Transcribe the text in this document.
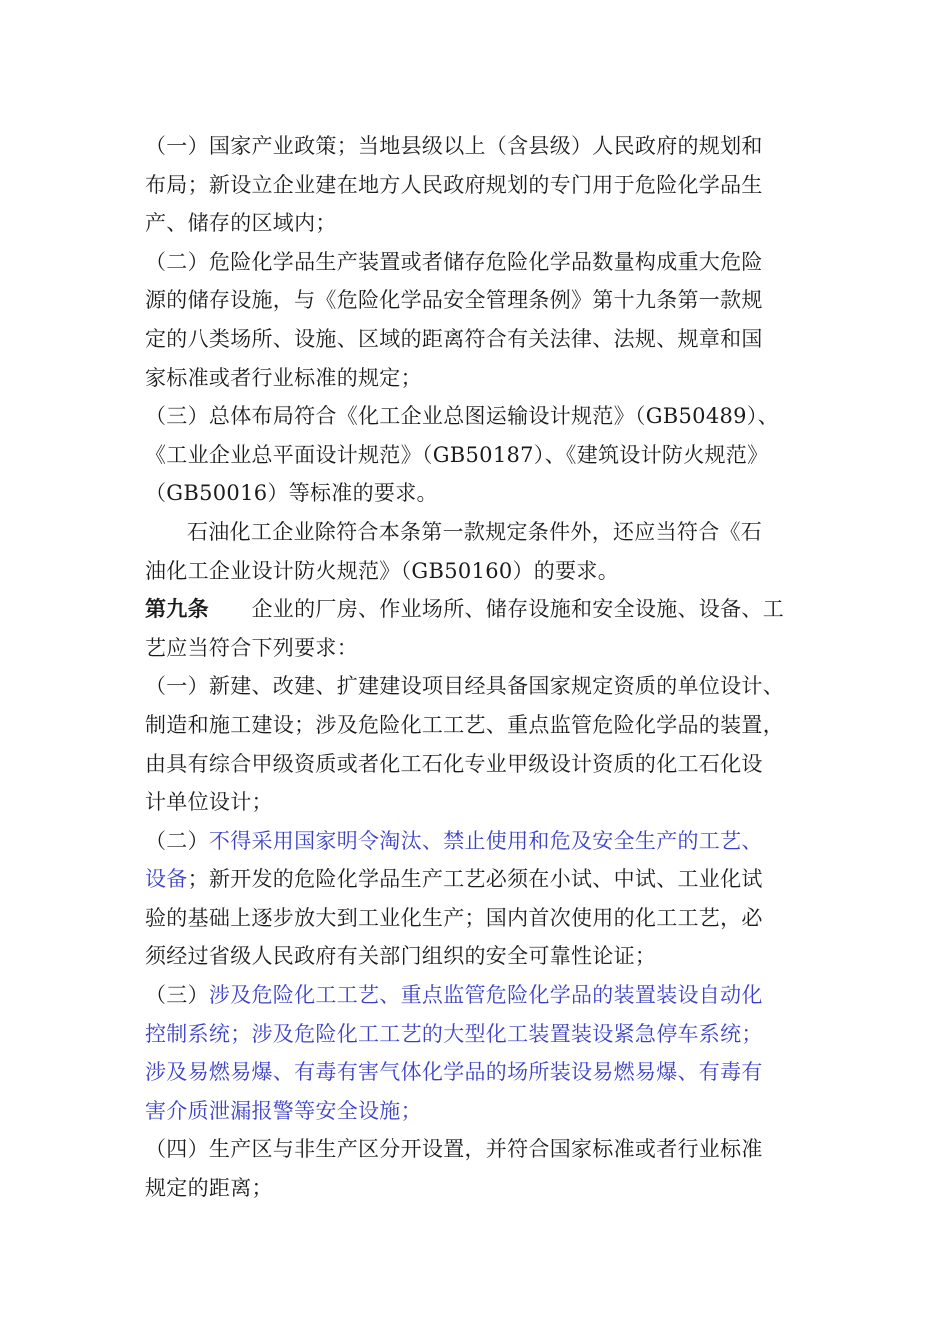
（一）国家产业政策；当地县级以上（含县级）人民政府的规划和
布局；新设立企业建在地方人民政府规划的专门用于危险化学品生
产、储存的区域内；
（二）危险化学品生产装置或者储存危险化学品数量构成重大危险
源的储存设施，与《危险化学品安全管理条例》第十九条第一款规
定的八类场所、设施、区域的距离符合有关法律、法规、规章和国
家标准或者行业标准的规定；
（三）总体布局符合《化工企业总图运输设计规范》（GB50489）、
《工业企业总平面设计规范》（GB50187）、《建筑设计防火规范》
（GB50016）等标准的要求。
石油化工企业除符合本条第一款规定条件外，还应当符合《石
油化工企业设计防火规范》（GB50160）的要求。
第九条　　企业的厂房、作业场所、储存设施和安全设施、设备、工
艺应当符合下列要求：
（一）新建、改建、扩建建设项目经具备国家规定资质的单位设计、
制造和施工建设；涉及危险化工工艺、重点监管危险化学品的装置，
由具有综合甲级资质或者化工石化专业甲级设计资质的化工石化设
计单位设计；
（二）不得采用国家明令淘汰、禁止使用和危及安全生产的工艺、
设备；新开发的危险化学品生产工艺必须在小试、中试、工业化试
验的基础上逐步放大到工业化生产；国内首次使用的化工工艺，必
须经过省级人民政府有关部门组织的安全可靠性论证；
（三）涉及危险化工工艺、重点监管危险化学品的装置装设自动化
控制系统；涉及危险化工工艺的大型化工装置装设紧急停车系统；
涉及易燃易爆、有毒有害气体化学品的场所装设易燃易爆、有毒有
害介质泄漏报警等安全设施；
（四）生产区与非生产区分开设置，并符合国家标准或者行业标准
规定的距离；
